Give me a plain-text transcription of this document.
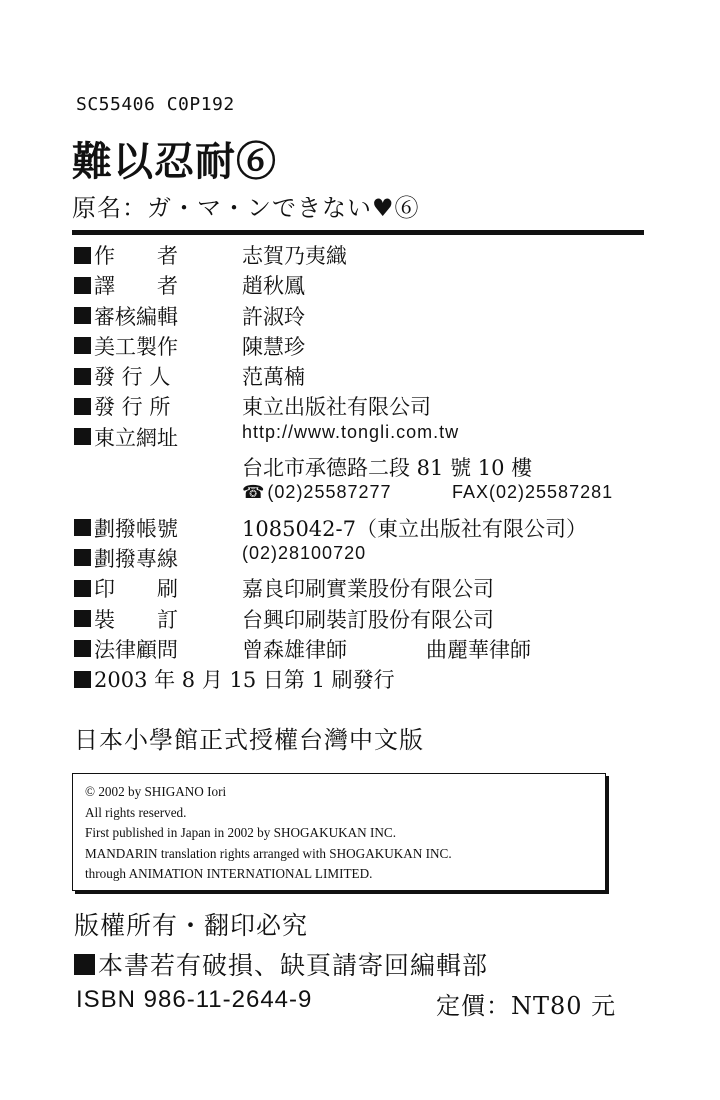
SC55406 C0P192
難以忍耐⑥
原名：ガ・マ・ンできない♥⑥
作　　者	志賀乃夷織
譯　　者	趙秋鳳
審核編輯	許淑玲
美工製作	陳慧珍
發 行 人	范萬楠
發 行 所	東立出版社有限公司
東立網址	http://www.tongli.com.tw
台北市承德路二段 81 號 10 樓
☎ (02)25587277	FAX(02)25587281
劃撥帳號	1085042-7（東立出版社有限公司）
劃撥專線	(02)28100720
印　　刷	嘉良印刷實業股份有限公司
裝　　訂	台興印刷裝訂股份有限公司
法律顧問	曾森雄律師	曲麗華律師
2003 年 8 月 15 日第 1 刷發行
日本小學館正式授權台灣中文版
© 2002 by SHIGANO Iori
All rights reserved.
First published in Japan in 2002 by SHOGAKUKAN INC.
MANDARIN translation rights arranged with SHOGAKUKAN INC.
through ANIMATION INTERNATIONAL LIMITED.
版權所有・翻印必究
本書若有破損、缺頁請寄回編輯部
ISBN 986-11-2644-9	定價：NT80 元
